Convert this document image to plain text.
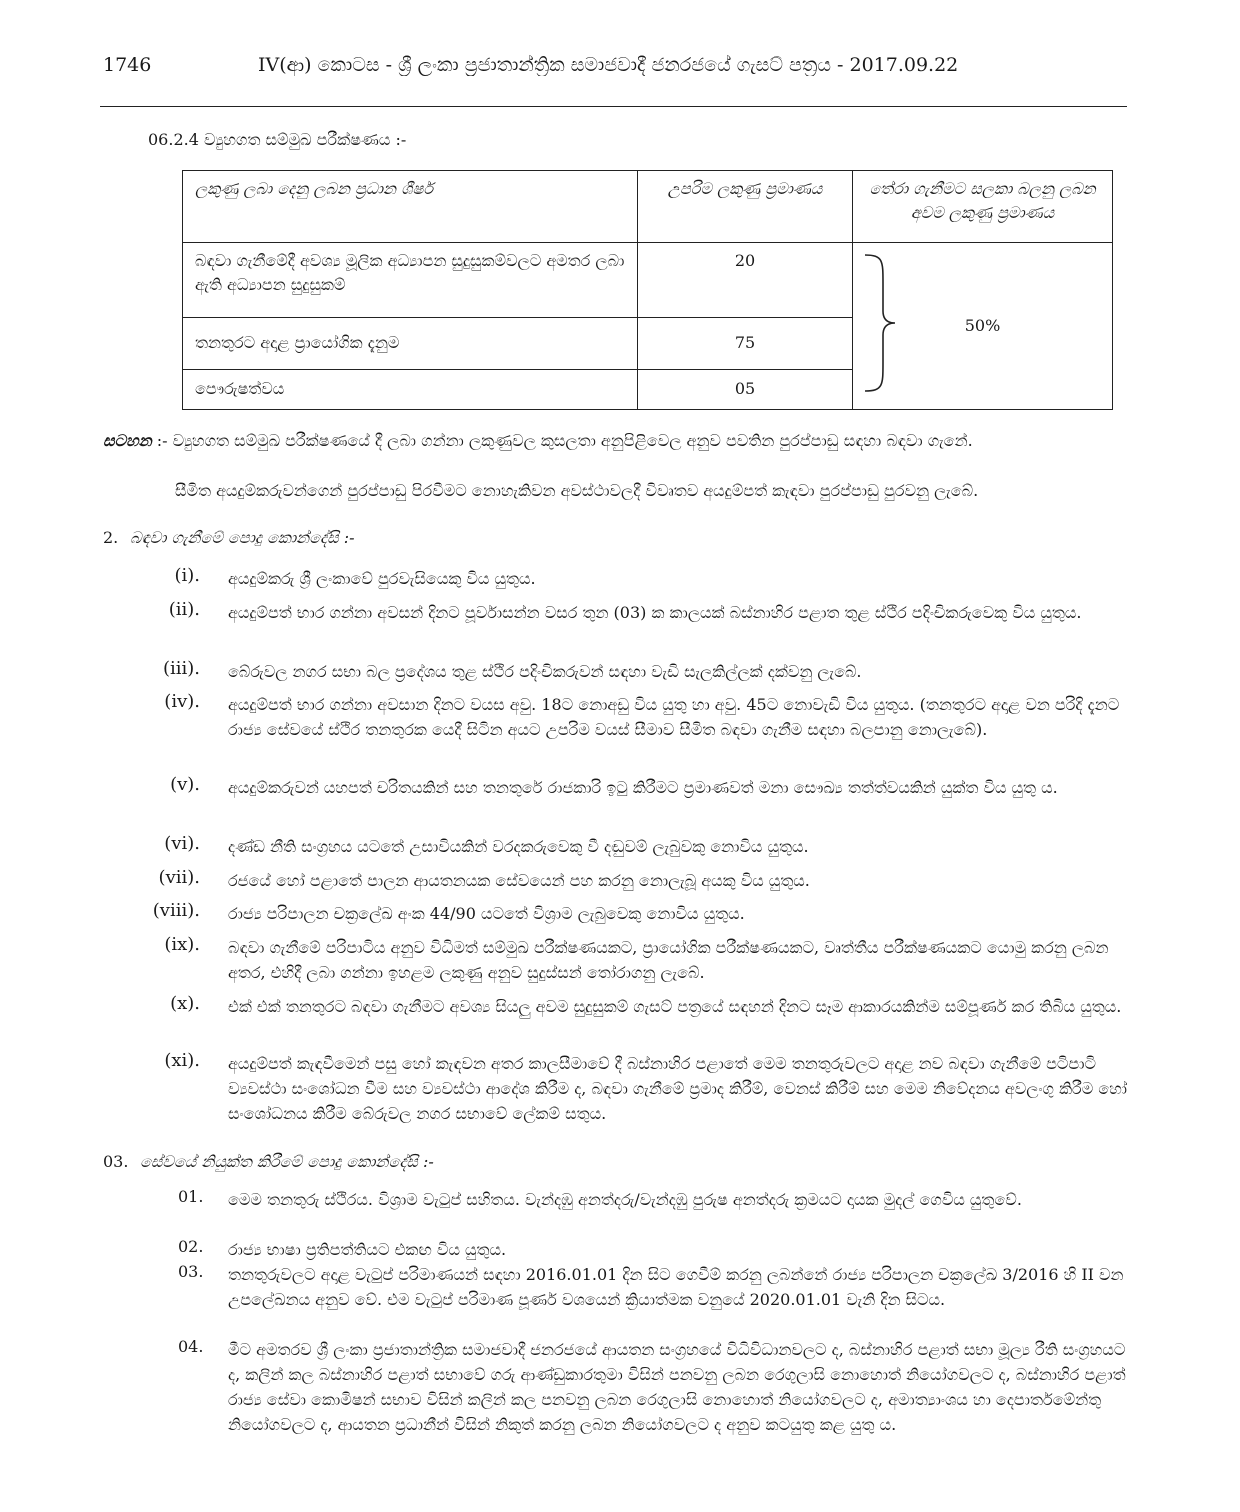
1746	IV(ආ) කොටස - ශ්‍රී ලංකා ප්‍රජාතාන්ත්‍රික සමාජවාදී ජනරජයේ ගැසට් පත්‍රය - 2017.09.22
06.2.4 ව්‍යුහගත සම්මුඛ පරීක්ෂණය :-
ලකුණු ලබා දෙනු ලබන ප්‍රධාන ශීර්ෂ	උපරිම ලකුණු ප්‍රමාණය	තේරා ගැනීමට සලකා බලනු ලබන අවම ලකුණු ප්‍රමාණය
බඳවා ගැනීමේදී අවශ්‍ය මූලික අධ්‍යාපන සුදුසුකම්වලට අමතර ලබා ඇති අධ්‍යාපන සුදුසුකම්	20	50%
තනතුරට අදාළ ප්‍රායෝගික දැනුම	75	
පෞරුෂත්වය	05	
සටහන :- ව්‍යුහගත සම්මුඛ පරීක්ෂණයේ දී ලබා ගන්නා ලකුණුවල කුසලතා අනුපිළිවෙල අනුව පවතින පුරප්පාඩු සඳහා බඳවා ගැනේ.
සීමිත අයදුම්කරුවන්ගෙන් පුරප්පාඩු පිරවීමට නොහැකිවන අවස්ථාවලදී විවෘතව අයදුම්පත් කැඳවා පුරප්පාඩු පුරවනු ලැබේ.
2. බඳවා ගැනීමේ පොදු කොන්දේසි :-
(i). අයදුම්කරු ශ්‍රී ලංකාවේ පුරවැසියෙකු විය යුතුය.
(ii). අයදුම්පත් භාර ගන්නා අවසන් දිනට පූර්වාසන්න වසර තුන (03) ක කාලයක් බස්නාහිර පළාත තුළ ස්ථිර පදිංචිකරුවෙකු විය යුතුය.
(iii). බේරුවල නගර සභා බල ප්‍රදේශය තුළ ස්ථිර පදිංචිකරුවන් සඳහා වැඩි සැලකිල්ලක් දක්වනු ලැබේ.
(iv). අයදුම්පත් භාර ගන්නා අවසාන දිනට වයස අවු. 18ට නොඅඩු විය යුතු හා අවු. 45ට නොවැඩි විය යුතුය. (තනතුරට අදාළ වන පරිදි දැනට රාජ්‍ය සේවයේ ස්ථිර තනතුරක යෙදී සිටින අයට උපරිම වයස් සීමාව සීමිත බඳවා ගැනීම සඳහා බලපානු නොලැබේ).
(v). අයදුම්කරුවන් යහපත් චරිතයකින් සහ තනතුරේ රාජකාරි ඉටු කිරීමට ප්‍රමාණවත් මනා සෞඛ්‍ය තත්ත්වයකින් යුක්ත විය යුතු ය.
(vi). දණ්ඩ නීති සංග්‍රහය යටතේ උසාවියකින් වරදකරුවෙකු වී දඬුවම් ලැබුවකු නොවිය යුතුය.
(vii). රජයේ හෝ පළාතේ පාලන ආයතනයක සේවයෙන් පහ කරනු නොලැබූ අයකු විය යුතුය.
(viii). රාජ්‍ය පරිපාලන චක්‍රලේඛ අංක 44/90 යටතේ විශ්‍රාම ලැබුවෙකු නොවිය යුතුය.
(ix). බඳවා ගැනීමේ පරිපාටිය අනුව විධිමත් සම්මුඛ පරීක්ෂණයකට, ප්‍රායෝගික පරීක්ෂණයකට, වෘත්තීය පරීක්ෂණයකට යොමු කරනු ලබන අතර, එහිදී ලබා ගන්නා ඉහළම ලකුණු අනුව සුදුස්සන් තෝරාගනු ලැබේ.
(x). එක් එක් තනතුරට බඳවා ගැනීමට අවශ්‍ය සියලු අවම සුදුසුකම් ගැසට් පත්‍රයේ සඳහන් දිනට සෑම ආකාරයකින්ම සම්පූර්ණ කර තිබිය යුතුය.
(xi). අයදුම්පත් කැඳවීමෙන් පසු හෝ කැඳවන අතර කාලසීමාවේ දී බස්නාහිර පළාතේ මෙම තනතුරුවලට අදාළ නව බඳවා ගැනීමේ පටිපාටි ව්‍යවස්ථා සංශෝධන වීම සහ ව්‍යවස්ථා ආදේශ කිරීම ද, බඳවා ගැනීමේ ප්‍රමාද කිරීම්, වෙනස් කිරීම් සහ මෙම නිවේදනය අවලංගු කිරීම හෝ සංශෝධනය කිරීම බේරුවල නගර සභාවේ ලේකම් සතුය.
03. සේවයේ නියුක්ත කිරීමේ පොදු කොන්දේසි :-
01.	මෙම තනතුරු ස්ථිරය. විශ්‍රාම වැටුප් සහිතය. වැන්දඹු අනත්දරු/වැන්දඹු පුරුෂ අනත්දරු ක්‍රමයට දායක මුදල් ගෙවිය යුතුවේ.
02.	රාජ්‍ය භාෂා ප්‍රතිපත්තියට එකඟ විය යුතුය.
03.	තනතුරුවලට අදාළ වැටුප් පරිමාණයන් සඳහා 2016.01.01 දින සිට ගෙවීම් කරනු ලබන්නේ රාජ්‍ය පරිපාලන චක්‍රලේඛ 3/2016 හි II වන උපලේඛනය අනුව වේ. එම වැටුප් පරිමාණ පූර්ණ වශයෙන් ක්‍රියාත්මක වනුයේ 2020.01.01 වැනි දින සිටය.
04.	මීට අමතරව ශ්‍රී ලංකා ප්‍රජාතාන්ත්‍රික සමාජවාදී ජනරජයේ ආයතන සංග්‍රහයේ විධිවිධානවලට ද, බස්නාහිර පළාත් සභා මූල්‍ය රීති සංග්‍රහයට ද, කලින් කල බස්නාහිර පළාත් සභාවේ ගරු ආණ්ඩුකාරතුමා විසින් පනවනු ලබන රෙගුලාසි නොහොත් නියෝගවලට ද, බස්නාහිර පළාත් රාජ්‍ය සේවා කොමිෂන් සභාව විසින් කලින් කල පනවනු ලබන රෙගුලාසි නොහොත් නියෝගවලට ද, අමාත්‍යාංශය හා දෙපාර්තමේන්තු නියෝගවලට ද, ආයතන ප්‍රධානීන් විසින් නිකුත් කරනු ලබන නියෝගවලට ද අනුව කටයුතු කළ යුතු ය.
